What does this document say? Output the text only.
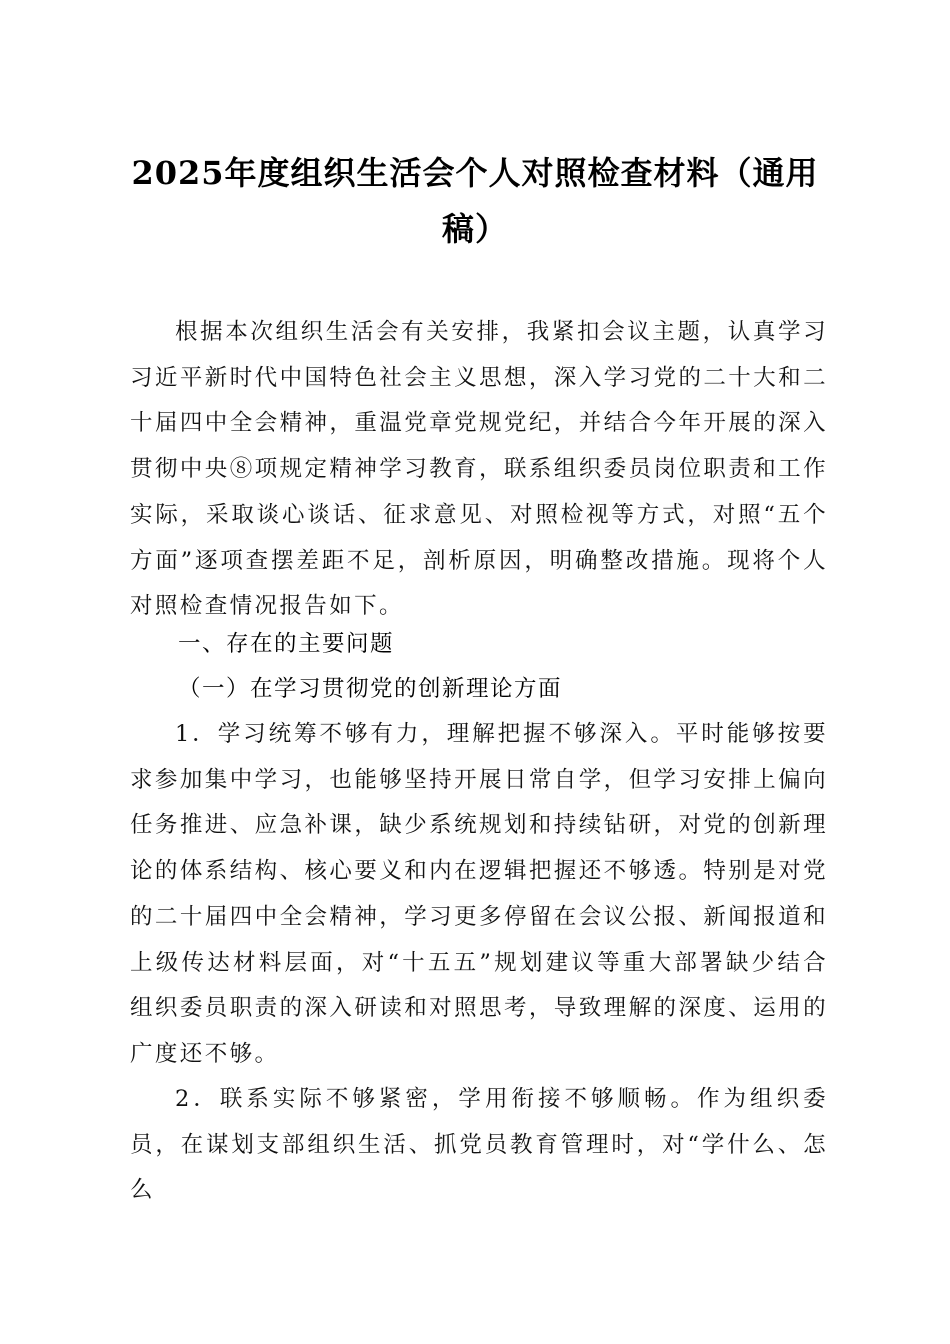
2025年度组织生活会个人对照检查材料（通用稿）
根据本次组织生活会有关安排，我紧扣会议主题，认真学习习近平新时代中国特色社会主义思想，深入学习党的二十大和二十届四中全会精神，重温党章党规党纪，并结合今年开展的深入贯彻中央⑧项规定精神学习教育，联系组织委员岗位职责和工作实际，采取谈心谈话、征求意见、对照检视等方式，对照“五个方面”逐项查摆差距不足，剖析原因，明确整改措施。现将个人对照检查情况报告如下。
一、存在的主要问题
（一）在学习贯彻党的创新理论方面
1．学习统筹不够有力，理解把握不够深入。平时能够按要求参加集中学习，也能够坚持开展日常自学，但学习安排上偏向任务推进、应急补课，缺少系统规划和持续钻研，对党的创新理论的体系结构、核心要义和内在逻辑把握还不够透。特别是对党的二十届四中全会精神，学习更多停留在会议公报、新闻报道和上级传达材料层面，对“十五五”规划建议等重大部署缺少结合组织委员职责的深入研读和对照思考，导致理解的深度、运用的广度还不够。
2．联系实际不够紧密，学用衔接不够顺畅。作为组织委员，在谋划支部组织生活、抓党员教育管理时，对“学什么、怎么
